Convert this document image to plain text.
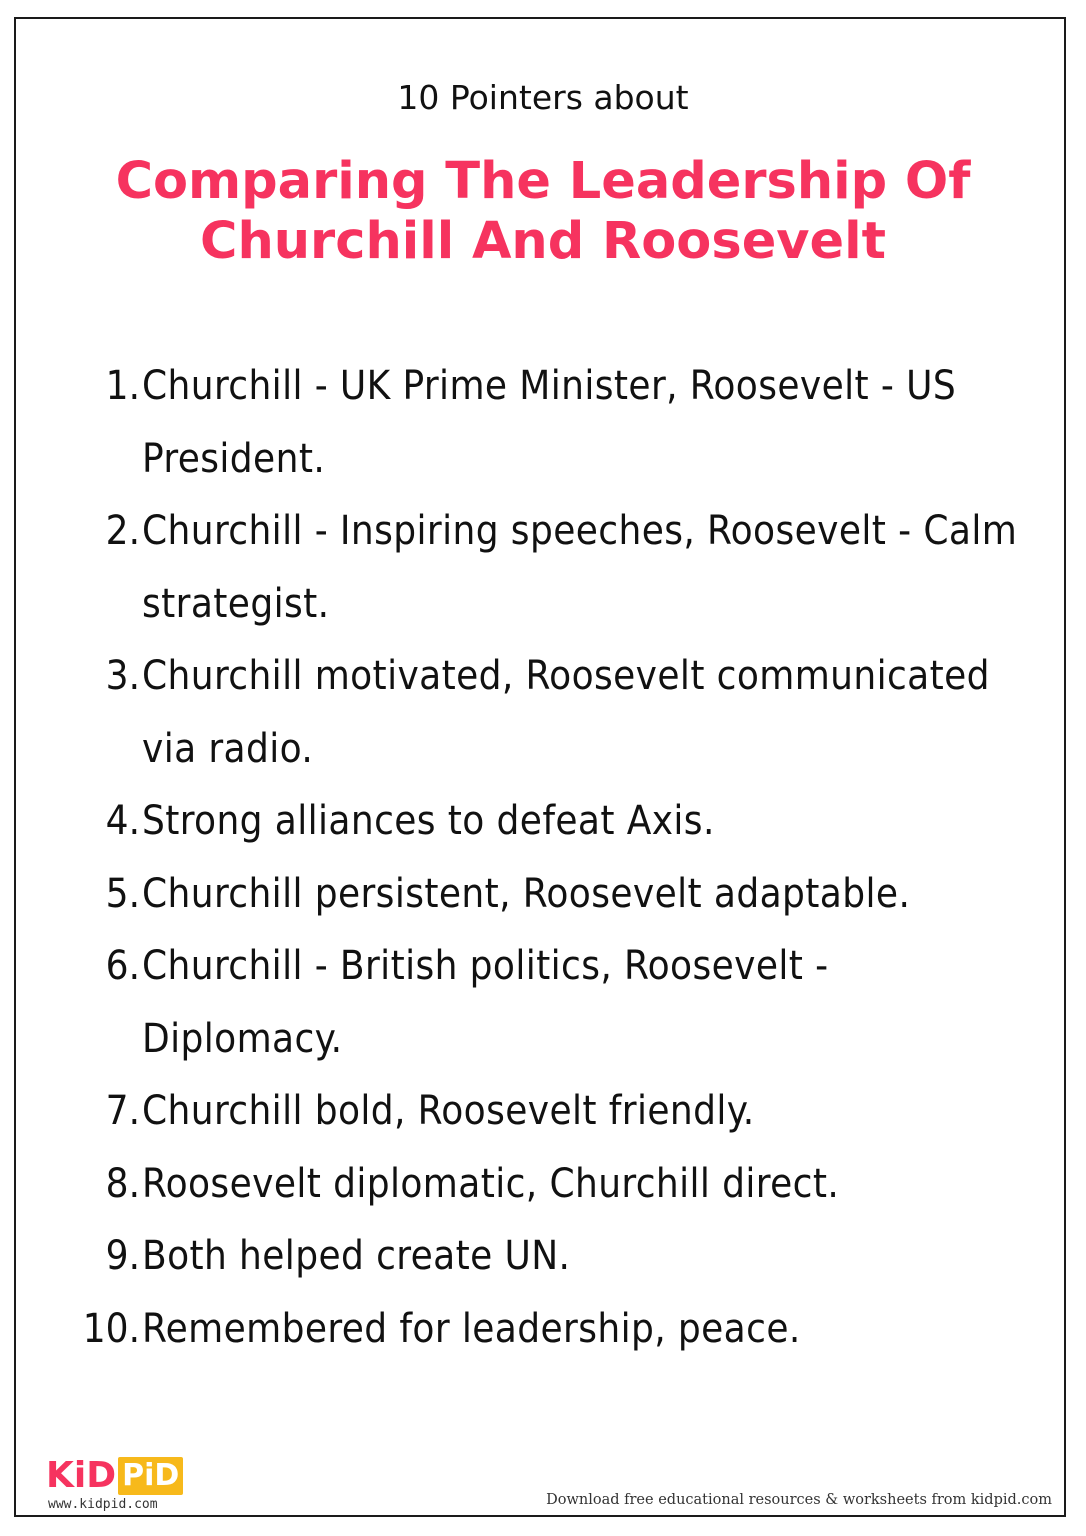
10 Pointers about
Comparing The Leadership Of
Churchill And Roosevelt
1. Churchill - UK Prime Minister, Roosevelt - US President.
2. Churchill - Inspiring speeches, Roosevelt - Calm strategist.
3. Churchill motivated, Roosevelt communicated via radio.
4. Strong alliances to defeat Axis.
5. Churchill persistent, Roosevelt adaptable.
6. Churchill - British politics, Roosevelt - Diplomacy.
7. Churchill bold, Roosevelt friendly.
8. Roosevelt diplomatic, Churchill direct.
9. Both helped create UN.
10. Remembered for leadership, peace.
KiD PiD
www.kidpid.com	Download free educational resources & worksheets from kidpid.com
